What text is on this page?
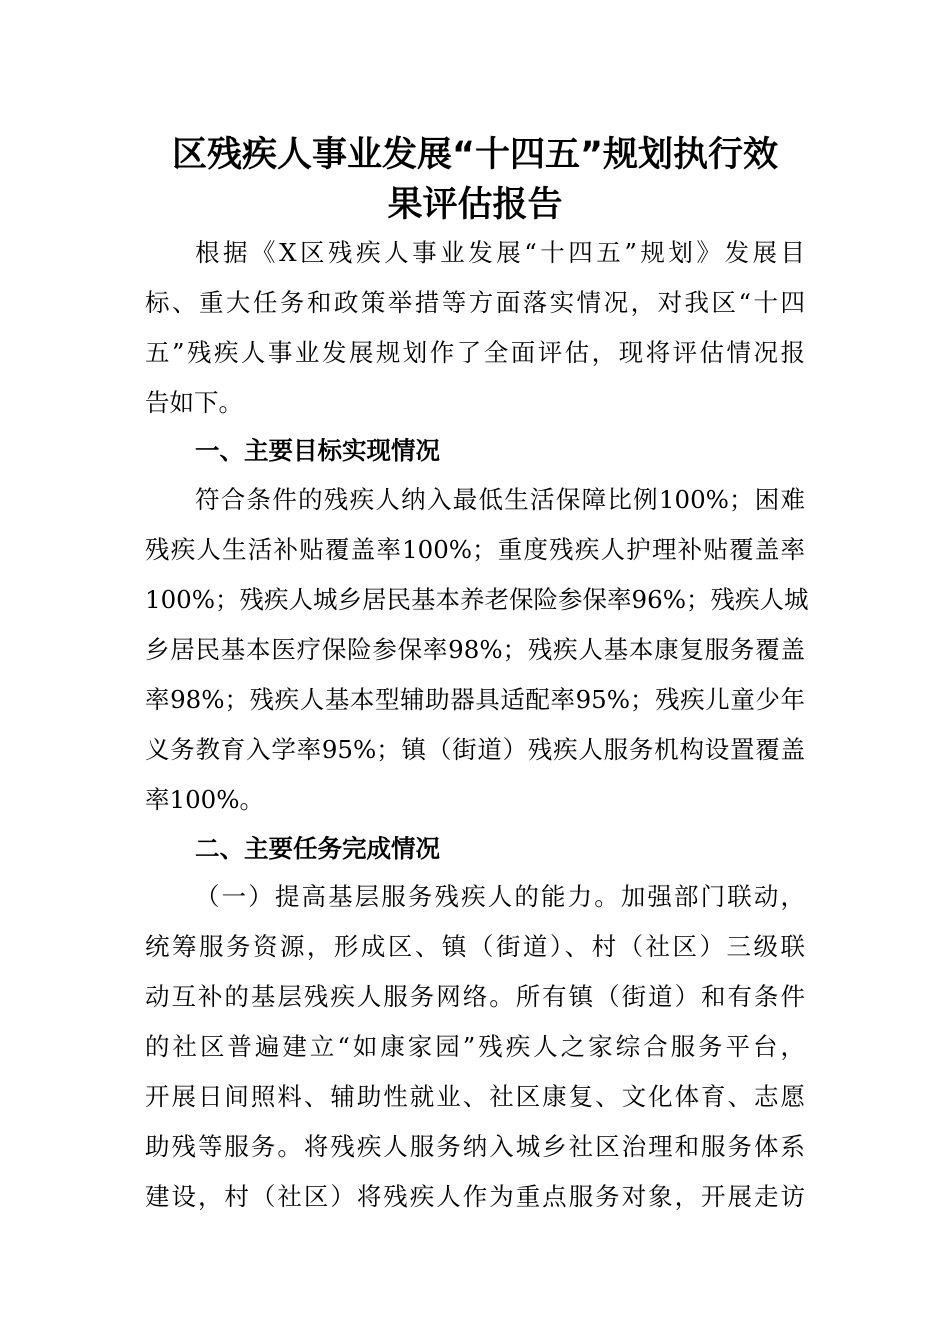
区残疾人事业发展“十四五”规划执行效
果评估报告

根据《X区残疾人事业发展“十四五”规划》发展目

标、重大任务和政策举措等方面落实情况，对我区“十四

五”残疾人事业发展规划作了全面评估，现将评估情况报

告如下。

一、主要目标实现情况

符合条件的残疾人纳入最低生活保障比例100%；困难

残疾人生活补贴覆盖率100%；重度残疾人护理补贴覆盖率

100%；残疾人城乡居民基本养老保险参保率96%；残疾人城

乡居民基本医疗保险参保率98%；残疾人基本康复服务覆盖

率98%；残疾人基本型辅助器具适配率95%；残疾儿童少年

义务教育入学率95%；镇（街道）残疾人服务机构设置覆盖

率100%。

二、主要任务完成情况

（一）提高基层服务残疾人的能力。加强部门联动，

统筹服务资源，形成区、镇（街道）、村（社区）三级联

动互补的基层残疾人服务网络。所有镇（街道）和有条件

的社区普遍建立“如康家园”残疾人之家综合服务平台，

开展日间照料、辅助性就业、社区康复、文化体育、志愿

助残等服务。将残疾人服务纳入城乡社区治理和服务体系

建设，村（社区）将残疾人作为重点服务对象，开展走访
